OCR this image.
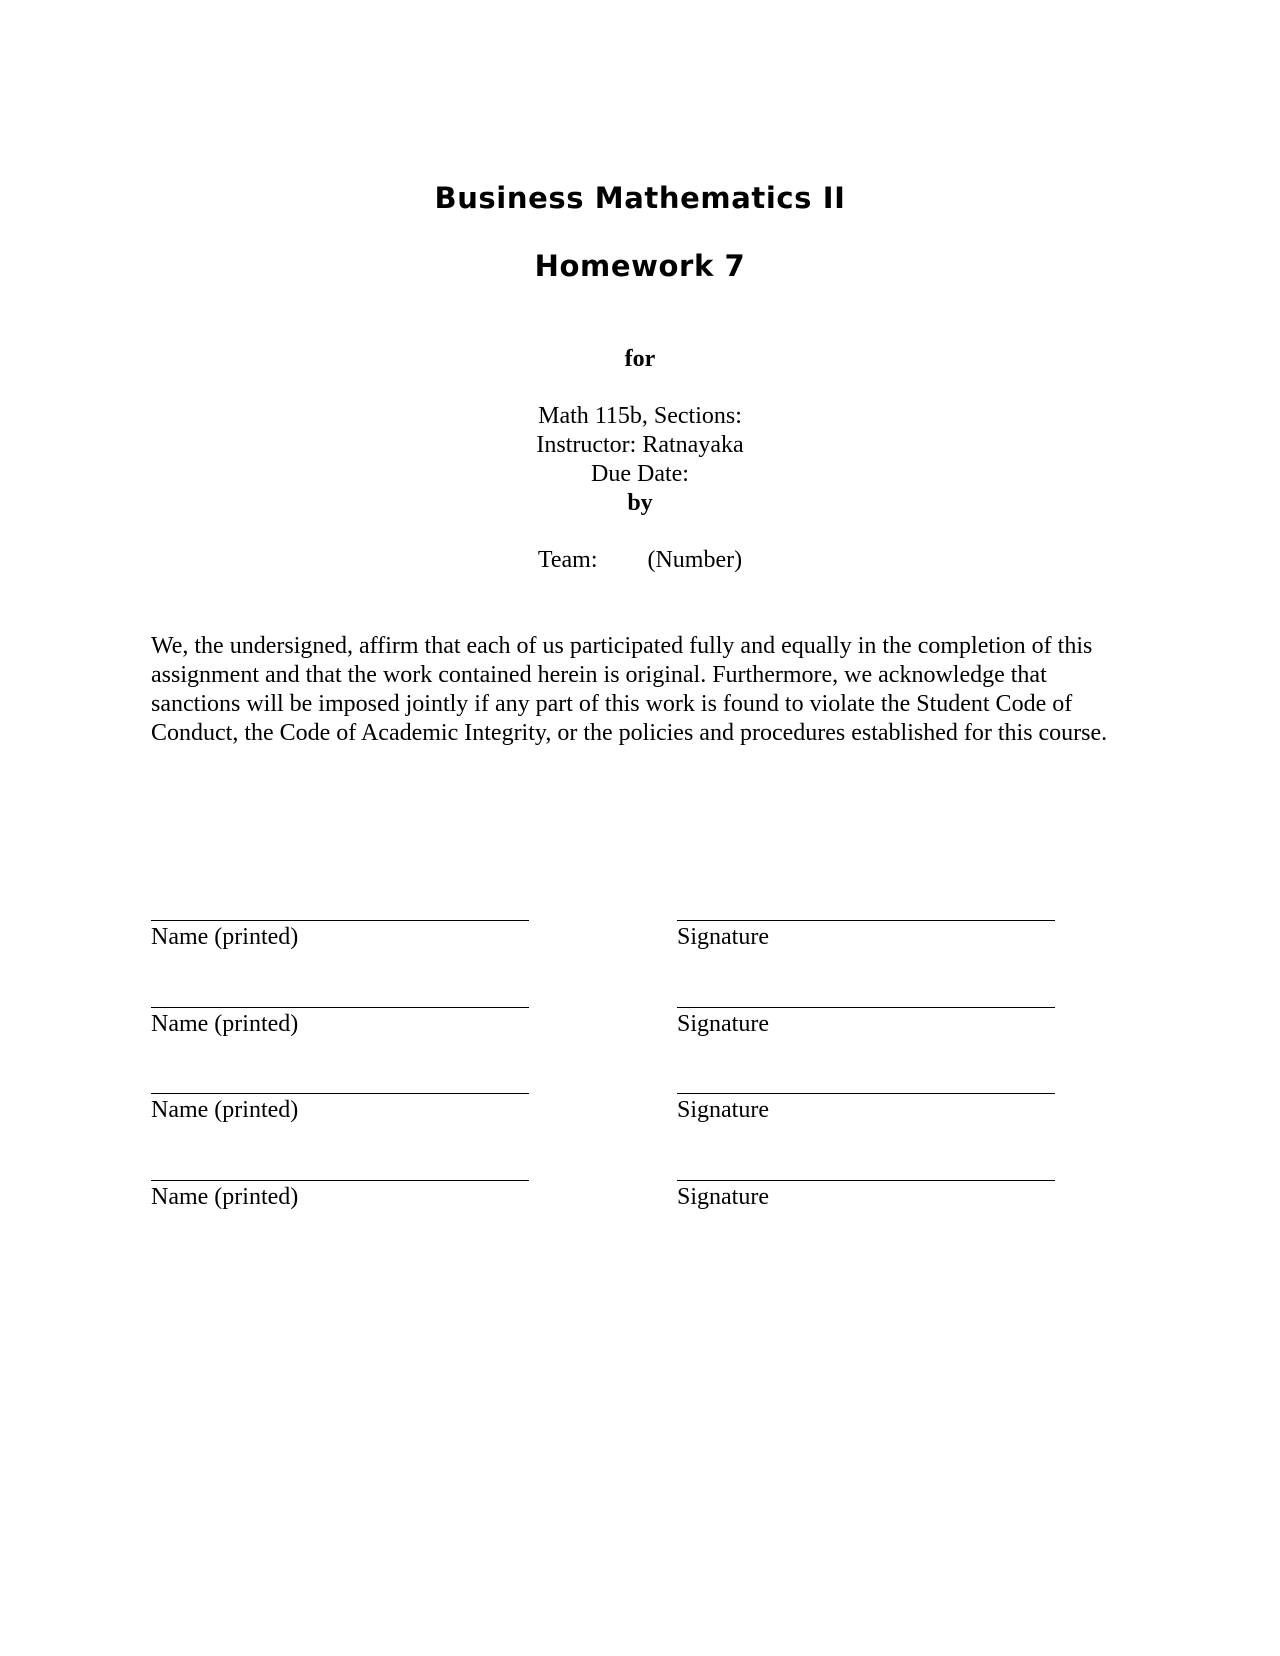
Business Mathematics II
Homework 7
for
Math 115b, Sections:
Instructor: Ratnayaka
Due Date:
by
Team: (Number)

We, the undersigned, affirm that each of us participated fully and equally in the completion of this assignment and that the work contained herein is original. Furthermore, we acknowledge that sanctions will be imposed jointly if any part of this work is found to violate the Student Code of Conduct, the Code of Academic Integrity, or the policies and procedures established for this course.

Name (printed)	Signature
Name (printed)	Signature
Name (printed)	Signature
Name (printed)	Signature
